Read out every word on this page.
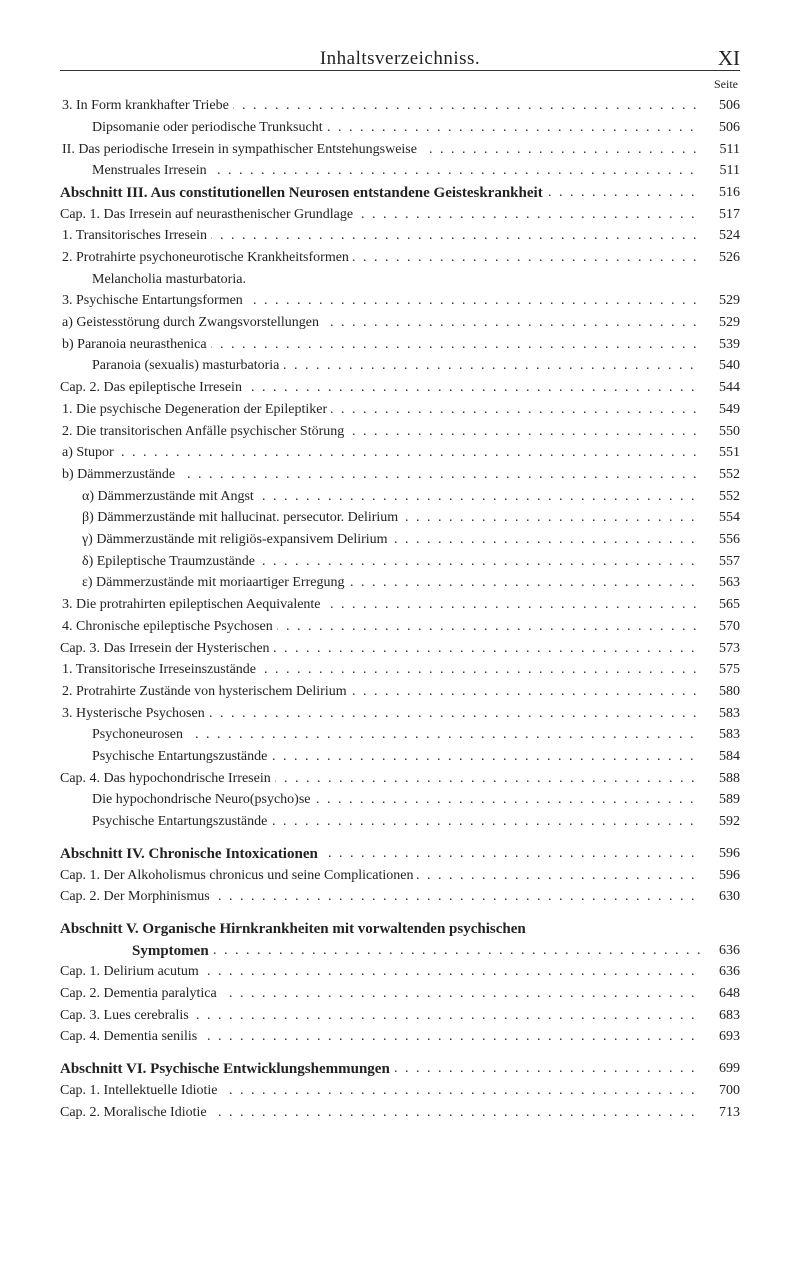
Inhaltsverzeichniss.	XI
Seite
. . .
3. In Form krankhafter Triebe	506
. . .
Dipsomanie oder periodische Trunksucht	506
. . .
II. Das periodische Irresein in sympathischer Entstehungsweise	511
. . .
Menstruales Irresein	511
. . .
Abschnitt III. Aus constitutionellen Neurosen entstandene Geisteskrankheit	516
. . .
Cap. 1. Das Irresein auf neurasthenischer Grundlage	517
. . .
1. Transitorisches Irresein	524
. . .
2. Protrahirte psychoneurotische Krankheitsformen	526
Melancholia masturbatoria.
. . .
3. Psychische Entartungsformen	529
. . .
a) Geistesstörung durch Zwangsvorstellungen	529
. . .
b) Paranoia neurasthenica	539
. . .
Paranoia (sexualis) masturbatoria	540
. . .
Cap. 2. Das epileptische Irresein	544
. . .
1. Die psychische Degeneration der Epileptiker	549
. . .
2. Die transitorischen Anfälle psychischer Störung	550
. . .
a) Stupor	551
. . .
b) Dämmerzustände	552
. . .
α) Dämmerzustände mit Angst	552
. . .
β) Dämmerzustände mit hallucinat. persecutor. Delirium	554
. . .
γ) Dämmerzustände mit religiös-expansivem Delirium	556
. . .
δ) Epileptische Traumzustände	557
. . .
ε) Dämmerzustände mit moriaartiger Erregung	563
. . .
3. Die protrahirten epileptischen Aequivalente	565
. . .
4. Chronische epileptische Psychosen	570
. . .
Cap. 3. Das Irresein der Hysterischen	573
. . .
1. Transitorische Irreseinszustände	575
. . .
2. Protrahirte Zustände von hysterischem Delirium	580
. . .
3. Hysterische Psychosen	583
. . .
Psychoneurosen	583
. . .
Psychische Entartungszustände	584
. . .
Cap. 4. Das hypochondrische Irresein	588
. . .
Die hypochondrische Neuro(psycho)se	589
. . .
Psychische Entartungszustände	592
. . .
Abschnitt IV. Chronische Intoxicationen	596
. . .
Cap. 1. Der Alkoholismus chronicus und seine Complicationen	596
. . .
Cap. 2. Der Morphinismus	630
Abschnitt V. Organische Hirnkrankheiten mit vorwaltenden psychischen
. . .
Symptomen	636
. . .
Cap. 1. Delirium acutum	636
. . .
Cap. 2. Dementia paralytica	648
. . .
Cap. 3. Lues cerebralis	683
. . .
Cap. 4. Dementia senilis	693
. . .
Abschnitt VI. Psychische Entwicklungshemmungen	699
. . .
Cap. 1. Intellektuelle Idiotie	700
. . .
Cap. 2. Moralische Idiotie	713
